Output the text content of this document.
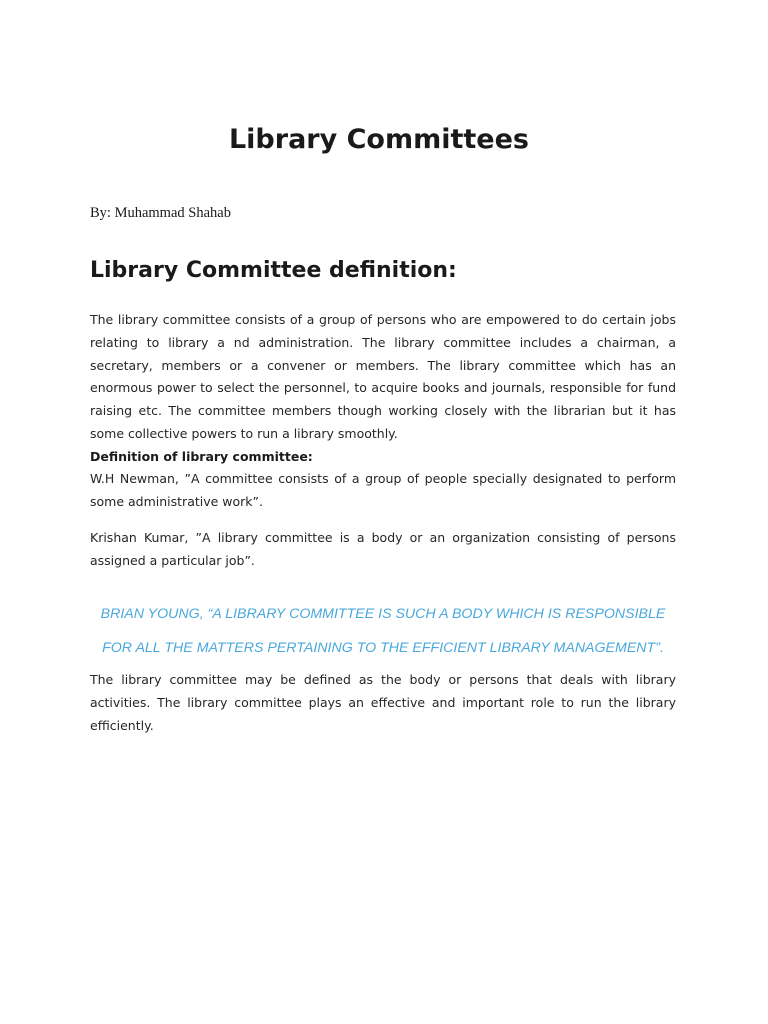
Library Committees

By: Muhammad Shahab

Library Committee definition:

The library committee consists of a group of persons who are empowered to do certain jobs relating to library a nd administration. The library committee includes a chairman, a secretary, members or a convener or members. The library committee which has an enormous power to select the personnel, to acquire books and journals, responsible for fund raising etc. The committee members though working closely with the librarian but it has some collective powers to run a library smoothly.

Definition of library committee:

W.H Newman, ”A committee consists of a group of people specially designated to perform some administrative work”.

Krishan Kumar, ”A library committee is a body or an organization consisting of persons assigned a particular job”.

BRIAN YOUNG, “A LIBRARY COMMITTEE IS SUCH A BODY WHICH IS RESPONSIBLE FOR ALL THE MATTERS PERTAINING TO THE EFFICIENT LIBRARY MANAGEMENT”.

The library committee may be defined as the body or persons that deals with library activities. The library committee plays an effective and important role to run the library efficiently.
